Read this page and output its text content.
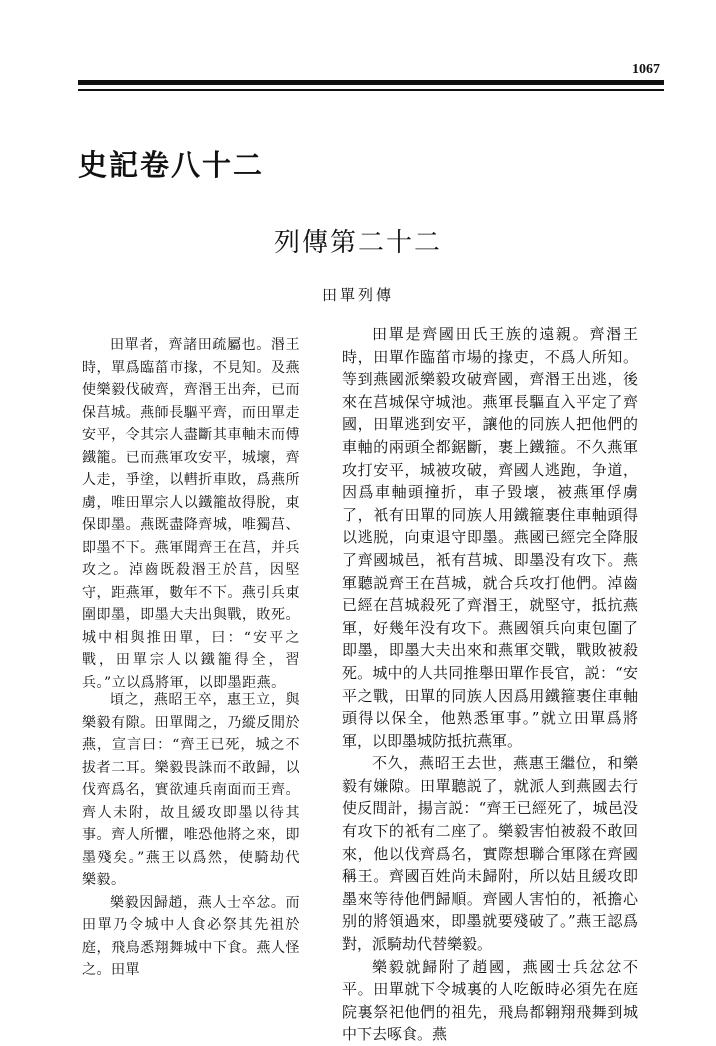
1067
史記卷八十二
列傳第二十二
田單列傳

田單者，齊諸田疏屬也。湣王時，單爲臨菑市掾，不見知。及燕使樂毅伐破齊，齊湣王出奔，已而保莒城。燕師長驅平齊，而田單走安平，令其宗人盡斷其車軸末而傅鐵籠。已而燕軍攻安平，城壞，齊人走，爭塗，以轊折車敗，爲燕所虜，唯田單宗人以鐵籠故得脫，東保即墨。燕既盡降齊城，唯獨莒、即墨不下。燕軍聞齊王在莒，并兵攻之。淖齒既殺湣王於莒，因堅守，距燕軍，數年不下。燕引兵東圍即墨，即墨大夫出與戰，敗死。城中相與推田單，曰：“安平之戰，田單宗人以鐵籠得全，習兵。”立以爲將軍，以即墨距燕。

頃之，燕昭王卒，惠王立，與樂毅有隙。田單聞之，乃縱反閒於燕，宣言曰：“齊王已死，城之不拔者二耳。樂毅畏誅而不敢歸，以伐齊爲名，實欲連兵南面而王齊。齊人未附，故且緩攻即墨以待其事。齊人所懼，唯恐他將之來，即墨殘矣。”燕王以爲然，使騎劫代樂毅。

樂毅因歸趙，燕人士卒忿。而田單乃令城中人食必祭其先祖於庭，飛鳥悉翔舞城中下食。燕人怪之。田單

田單是齊國田氏王族的遠親。齊湣王時，田單作臨菑市場的掾吏，不爲人所知。等到燕國派樂毅攻破齊國，齊湣王出逃，後來在莒城保守城池。燕軍長驅直入平定了齊國，田單逃到安平，讓他的同族人把他們的車軸的兩頭全都鋸斷，裹上鐵箍。不久燕軍攻打安平，城被攻破，齊國人逃跑，争道，因爲車軸頭撞折，車子毀壞，被燕軍俘虜了，衹有田單的同族人用鐵箍裹住車軸頭得以逃脱，向東退守即墨。燕國已經完全降服了齊國城邑，衹有莒城、即墨没有攻下。燕軍聽説齊王在莒城，就合兵攻打他們。淖齒已經在莒城殺死了齊湣王，就堅守，抵抗燕軍，好幾年没有攻下。燕國領兵向東包圍了即墨，即墨大夫出來和燕軍交戰，戰敗被殺死。城中的人共同推舉田單作長官，説：“安平之戰，田單的同族人因爲用鐵箍裹住車軸頭得以保全，他熟悉軍事。”就立田單爲將軍，以即墨城防抵抗燕軍。

不久，燕昭王去世，燕惠王繼位，和樂毅有嫌隙。田單聽説了，就派人到燕國去行使反間計，揚言説：“齊王已經死了，城邑没有攻下的衹有二座了。樂毅害怕被殺不敢回來，他以伐齊爲名，實際想聯合軍隊在齊國稱王。齊國百姓尚未歸附，所以姑且緩攻即墨來等待他們歸順。齊國人害怕的，衹擔心别的將領過來，即墨就要殘破了。”燕王認爲對，派騎劫代替樂毅。

樂毅就歸附了趙國，燕國士兵忿忿不平。田單就下令城裏的人吃飯時必須先在庭院裏祭祀他們的祖先，飛鳥都翱翔飛舞到城中下去啄食。燕
